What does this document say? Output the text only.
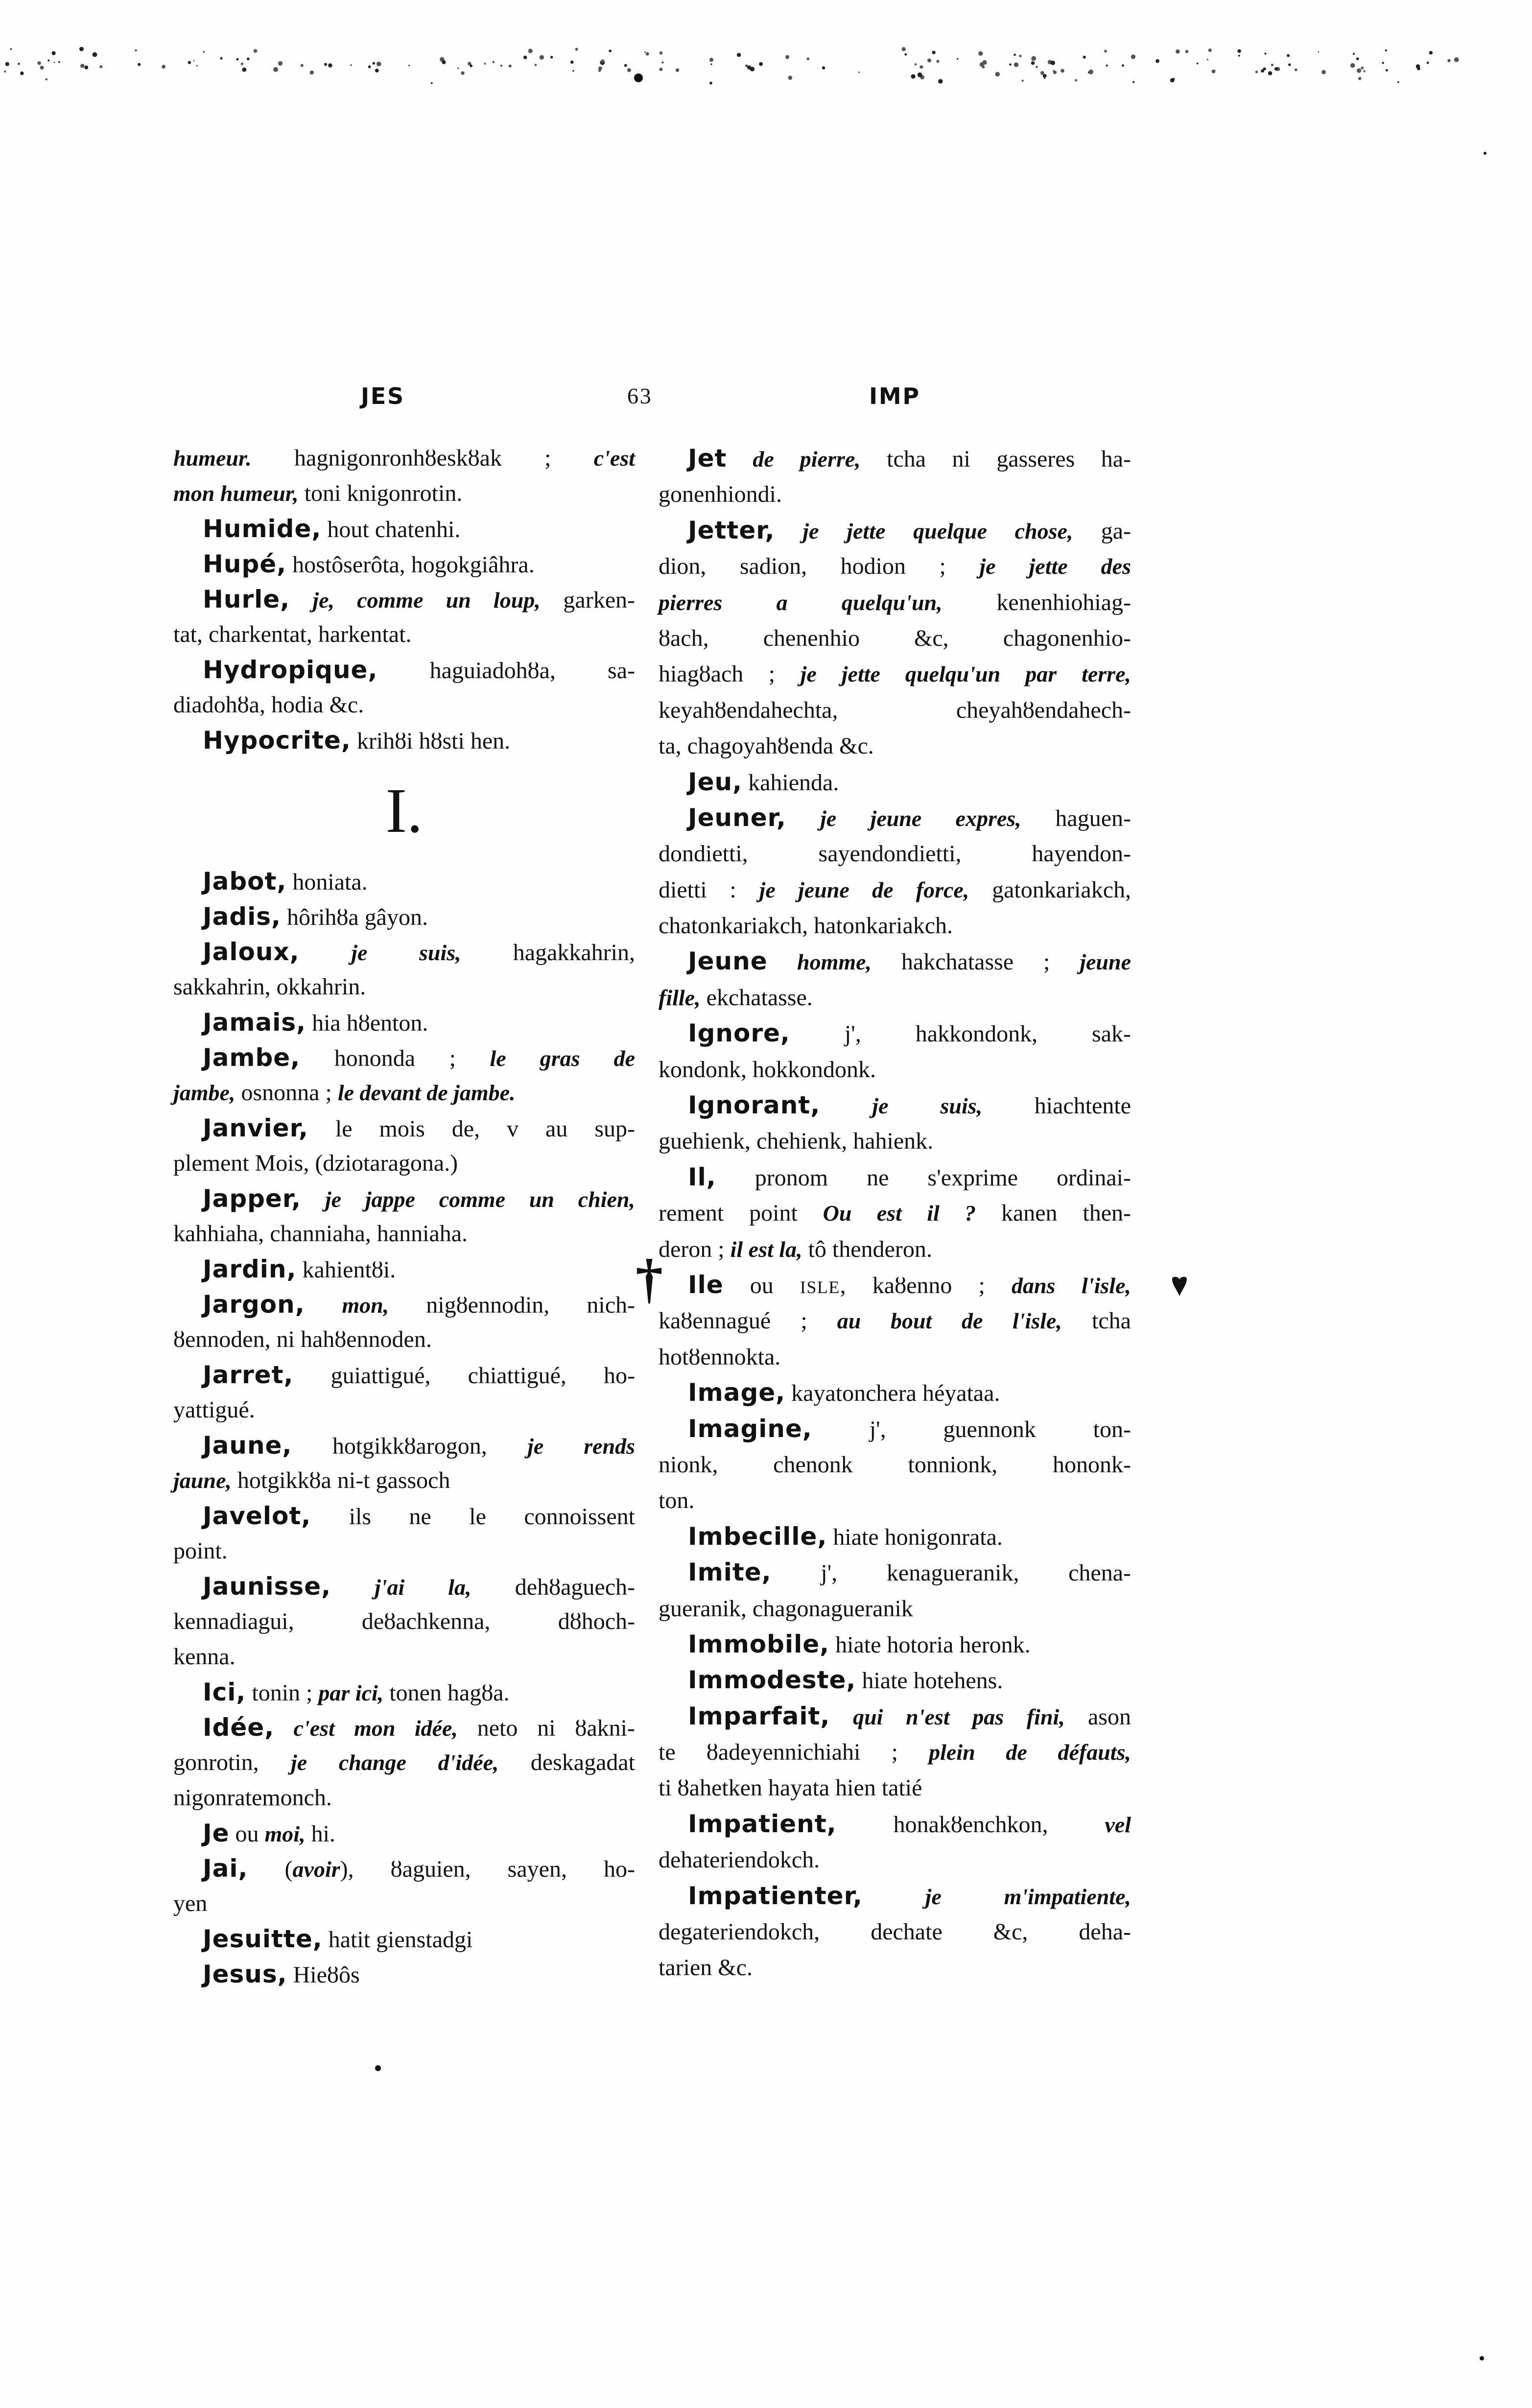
JES	63	IMP
humeur. hagnigonronhȣeskȣak ; c'est
mon humeur, toni knigonrotin.
Humide, hout chatenhi.
Hupé, hostôserôta, hogokgiâhra.
Hurle, je, comme un loup, garken-
tat, charkentat, harkentat.
Hydropique, haguiadohȣa, sa-
diadohȣa, hodia &c.
Hypocrite, krihȣi hȣsti hen.
I.
Jabot, honiata.
Jadis, hôrihȣa gâyon.
Jaloux, je suis, hagakkahrin,
sakkahrin, okkahrin.
Jamais, hia hȣenton.
Jambe, hononda ; le gras de
jambe, osnonna ; le devant de jambe.
Janvier, le mois de, v au sup-
plement Mois, (dziotaragona.)
Japper, je jappe comme un chien,
kahhiaha, channiaha, hanniaha.
Jardin, kahientȣi.
Jargon, mon, nigȣennodin, nich-
ȣennoden, ni hahȣennoden.
Jarret, guiattigué, chiattigué, ho-
yattigué.
Jaune, hotgikkȣarogon, je rends
jaune, hotgikkȣa ni-t gassoch
Javelot, ils ne le connoissent
point.
Jaunisse, j'ai la, dehȣaguech-
kennadiagui, deȣachkenna, dȣhoch-
kenna.
Ici, tonin ; par ici, tonen hagȣa.
Idée, c'est mon idée, neto ni ȣakni-
gonrotin, je change d'idée, deskagadat
nigonratemonch.
Je ou moi, hi.
Jai, (avoir), ȣaguien, sayen, ho-
yen
Jesuitte, hatit gienstadgi
Jesus, Hieȣôs
Jet de pierre, tcha ni gasseres ha-
gonenhiondi.
Jetter, je jette quelque chose, ga-
dion, sadion, hodion ; je jette des
pierres a quelqu'un, kenenhiohiag-
ȣach, chenenhio &c, chagonenhio-
hiagȣach ; je jette quelqu'un par terre,
keyahȣendahechta, cheyahȣendahech-
ta, chagoyahȣenda &c.
Jeu, kahienda.
Jeuner, je jeune expres, haguen-
dondietti, sayendondietti, hayendon-
dietti : je jeune de force, gatonkariakch,
chatonkariakch, hatonkariakch.
Jeune homme, hakchatasse ; jeune
fille, ekchatasse.
Ignore, j', hakkondonk, sak-
kondonk, hokkondonk.
Ignorant, je suis, hiachtente
guehienk, chehienk, hahienk.
Il, pronom ne s'exprime ordinai-
rement point Ou est il ? kanen then-
deron ; il est la, tô thenderon.
Ile ou ISLE, kaȣenno ; dans l'isle,
kaȣennagué ; au bout de l'isle, tcha
hotȣennokta.
Image, kayatonchera héyataa.
Imagine, j', guennonk ton-
nionk, chenonk tonnionk, hononk-
ton.
Imbecille, hiate honigonrata.
Imite, j', kenagueranik, chena-
gueranik, chagonagueranik
Immobile, hiate hotoria heronk.
Immodeste, hiate hotehens.
Imparfait, qui n'est pas fini, ason
te ȣadeyennichiahi ; plein de défauts,
ti ȣahetken hayata hien tatié
Impatient, honakȣenchkon, vel
dehateriendokch.
Impatienter, je m'impatiente,
degateriendokch, dechate &c, deha-
tarien &c.
†
